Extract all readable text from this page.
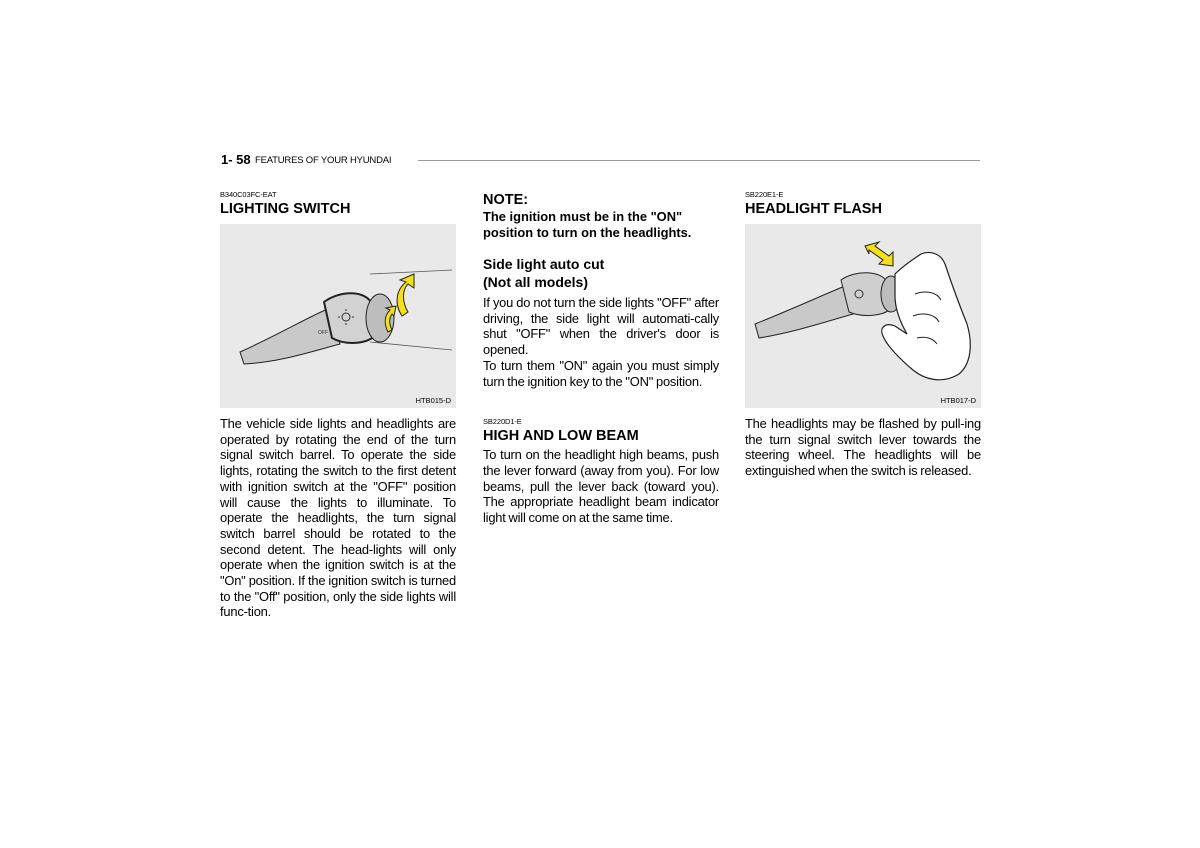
1- 58 FEATURES OF YOUR HYUNDAI
B340C03FC-EAT
LIGHTING SWITCH
OFF
HTB015-D

The vehicle side lights and headlights are operated by rotating the end of the turn signal switch barrel. To operate the side lights, rotating the switch to the first detent with ignition switch at the "OFF" position will cause the lights to illuminate. To operate the headlights, the turn signal switch barrel should be rotated to the second detent. The head-lights will only operate when the ignition switch is at the "On" position. If the ignition switch is turned to the "Off" position, only the side lights will func-tion.

NOTE:
The ignition must be in the "ON" position to turn on the headlights.
Side light auto cut
(Not all models)

If you do not turn the side lights "OFF" after driving, the side light will automati-cally shut "OFF" when the driver's door is opened.

To turn them "ON" again you must simply turn the ignition key to the "ON" position.

SB220D1-E
HIGH AND LOW BEAM

To turn on the headlight high beams, push the lever forward (away from you). For low beams, pull the lever back (toward you). The appropriate headlight beam indicator light will come on at the same time.

SB220E1-E
HEADLIGHT FLASH
HTB017-D

The headlights may be flashed by pull-ing the turn signal switch lever towards the steering wheel. The headlights will be extinguished when the switch is released.
